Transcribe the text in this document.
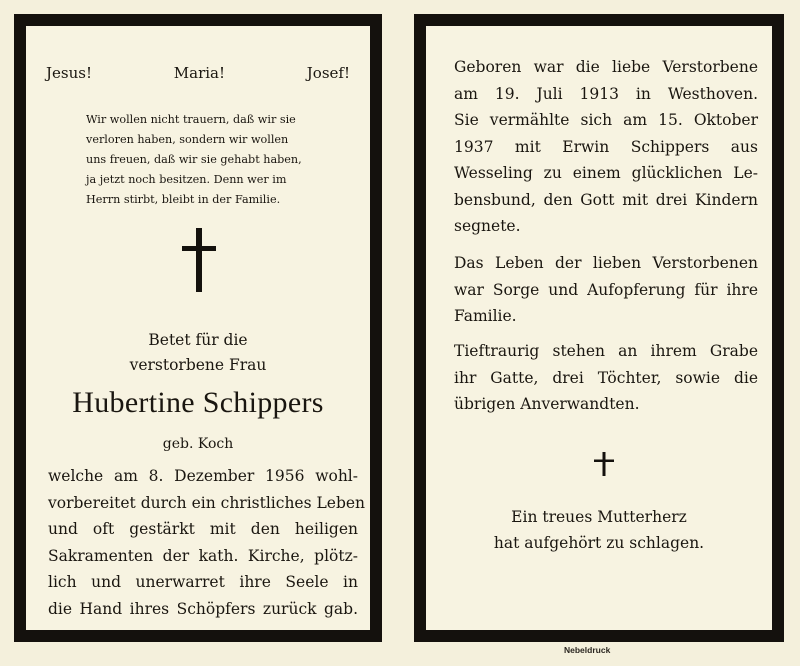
Jesus!	Maria!	Josef!
Wir wollen nicht trauern, daß wir sie
verloren haben, sondern wir wollen
uns freuen, daß wir sie gehabt haben,
ja jetzt noch besitzen. Denn wer im
Herrn stirbt, bleibt in der Familie.
Betet für die
verstorbene Frau
Hubertine Schippers
geb. Koch
welche am 8. Dezember 1956 wohl-
vorbereitet durch ein christliches Leben
und oft gestärkt mit den heiligen
Sakramenten der kath. Kirche, plötz-
lich und unerwarret ihre Seele in
die Hand ihres Schöpfers zurück gab.
Geboren war die liebe Verstorbene
am 19. Juli 1913 in Westhoven.
Sie vermählte sich am 15. Oktober
1937 mit Erwin Schippers aus
Wesseling zu einem glücklichen Le-
bensbund, den Gott mit drei Kindern
segnete.
Das Leben der lieben Verstorbenen
war Sorge und Aufopferung für ihre
Familie.
Tieftraurig stehen an ihrem Grabe
ihr Gatte, drei Töchter, sowie die
übrigen Anverwandten.
Ein treues Mutterherz
hat aufgehört zu schlagen.
Nebeldruck
